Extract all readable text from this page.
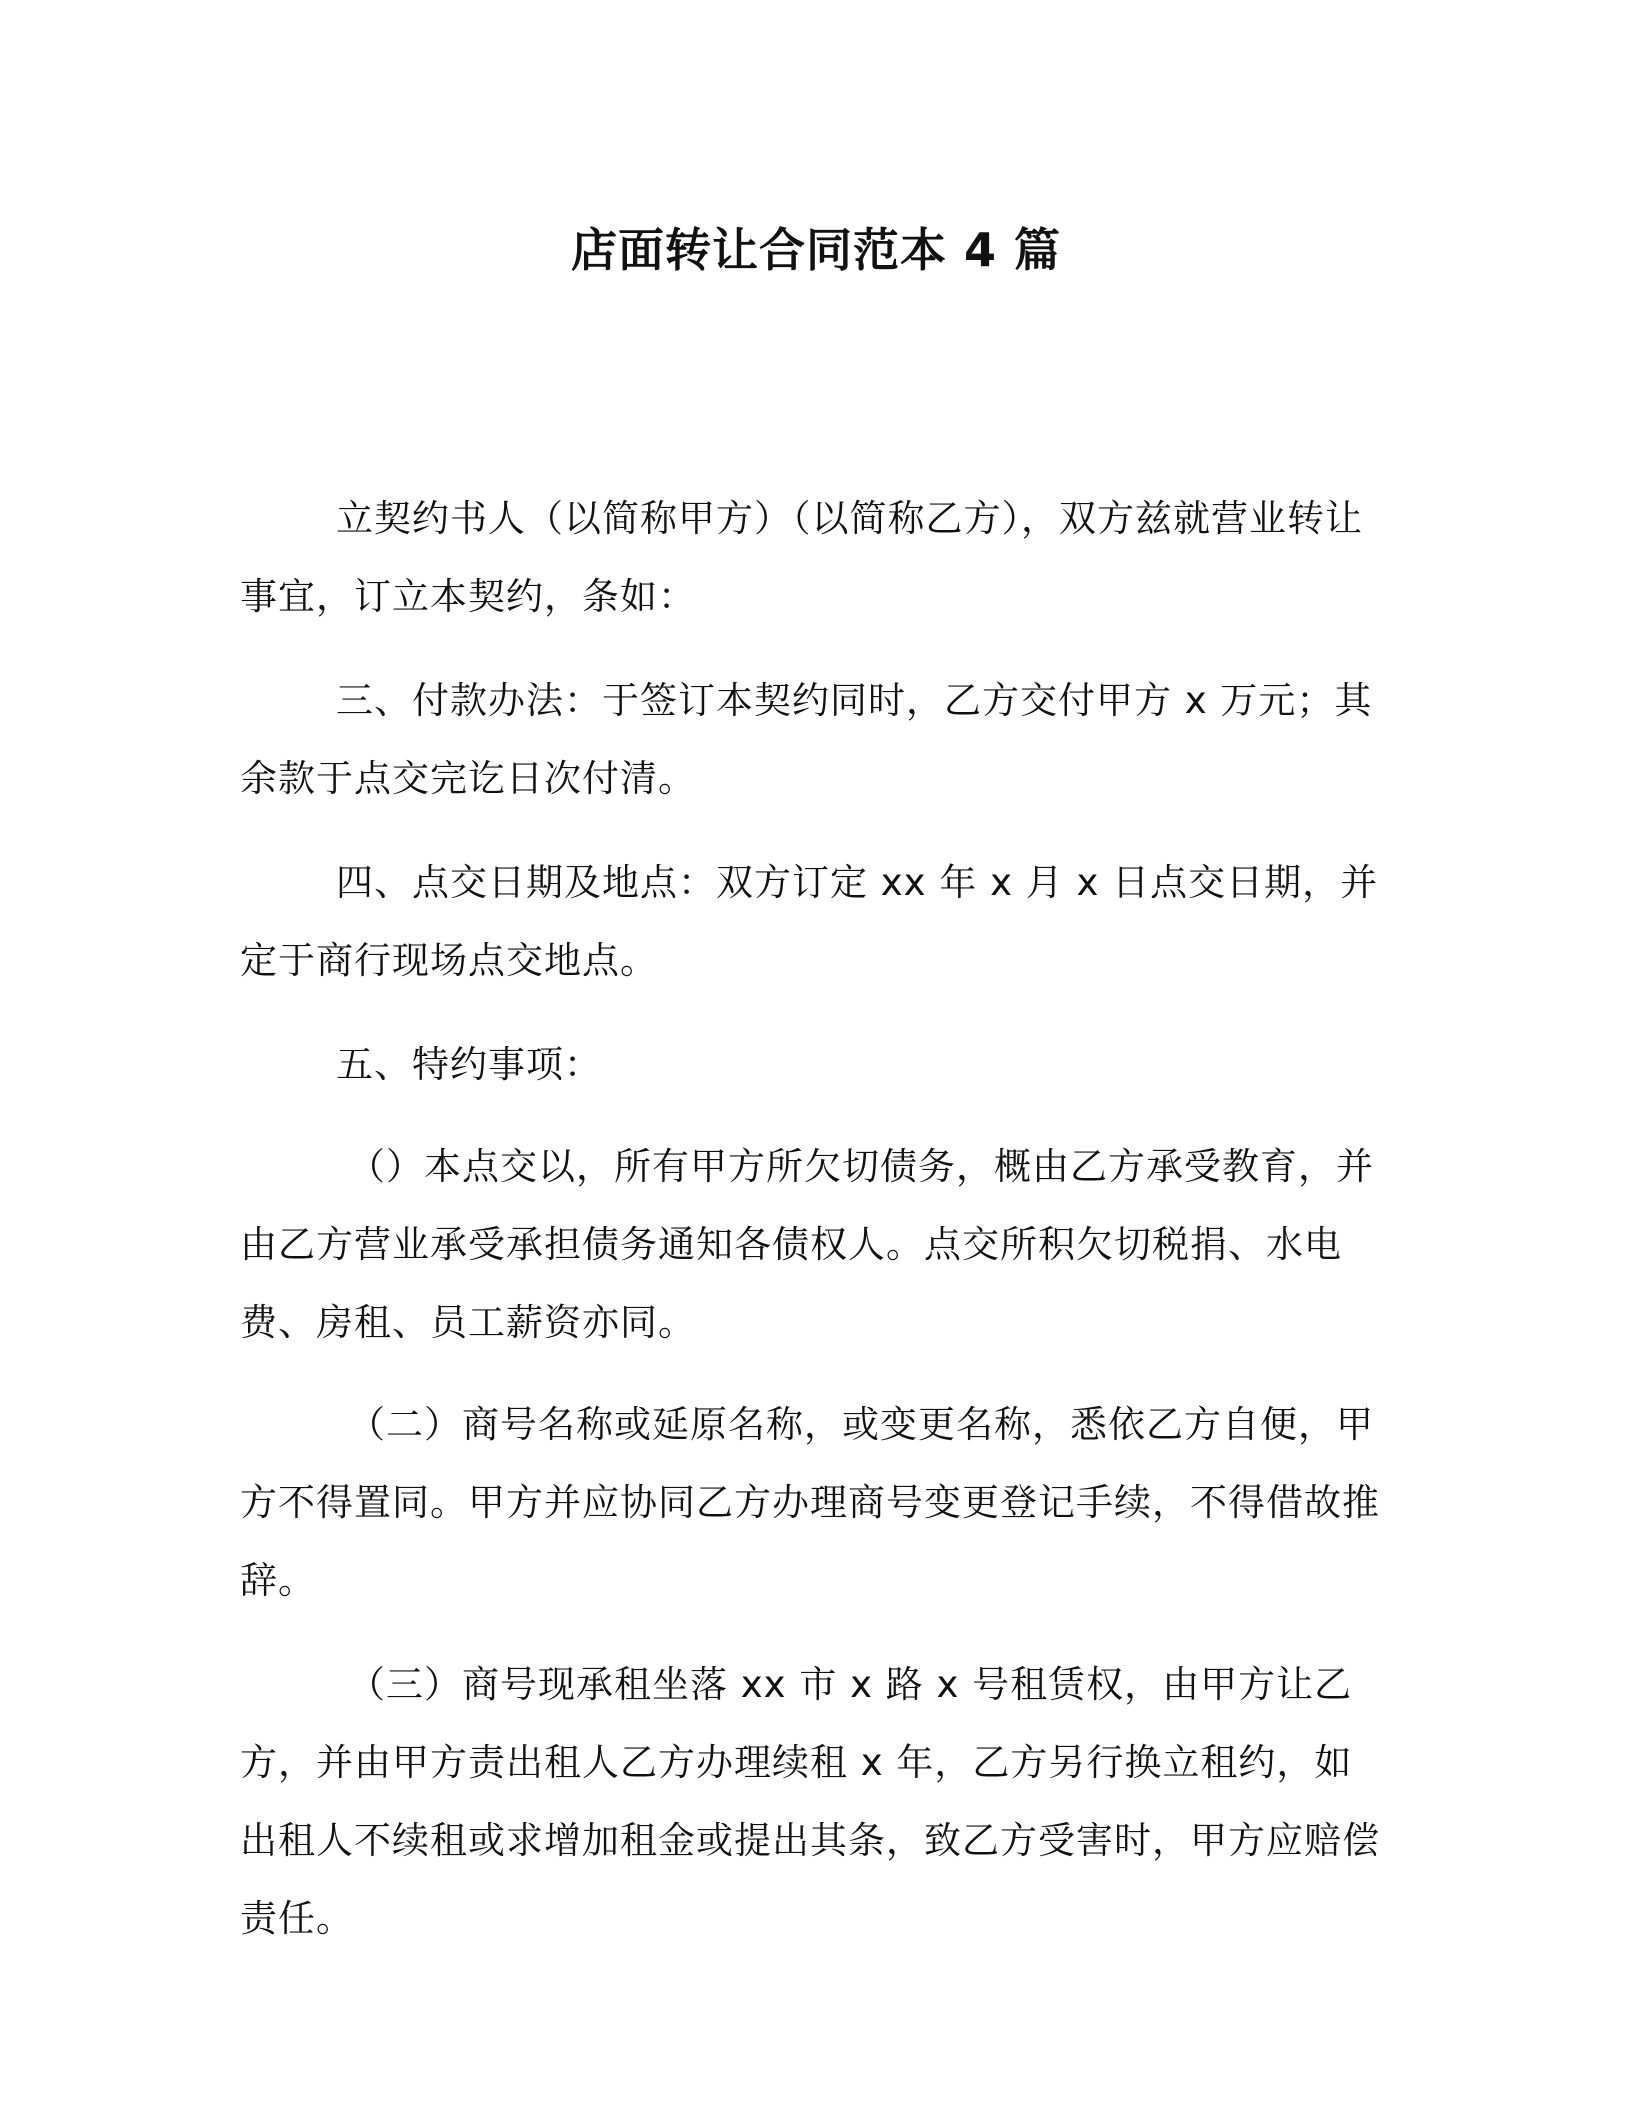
店面转让合同范本 4 篇

立契约书人（以简称甲方）（以简称乙方），双方兹就营业转让事宜，订立本契约，条如：

三、付款办法：于签订本契约同时，乙方交付甲方 x 万元；其余款于点交完讫日次付清。

四、点交日期及地点：双方订定 xx 年 x 月 x 日点交日期，并定于商行现场点交地点。

五、特约事项：

（）本点交以，所有甲方所欠切债务，概由乙方承受教育，并由乙方营业承受承担债务通知各债权人。点交所积欠切税捐、水电费、房租、员工薪资亦同。

（二）商号名称或延原名称，或变更名称，悉依乙方自便，甲方不得置同。甲方并应协同乙方办理商号变更登记手续，不得借故推辞。

（三）商号现承租坐落 xx 市 x 路 x 号租赁权，由甲方让乙方，并由甲方责出租人乙方办理续租 x 年，乙方另行换立租约，如出租人不续租或求增加租金或提出其条，致乙方受害时，甲方应赔偿责任。
